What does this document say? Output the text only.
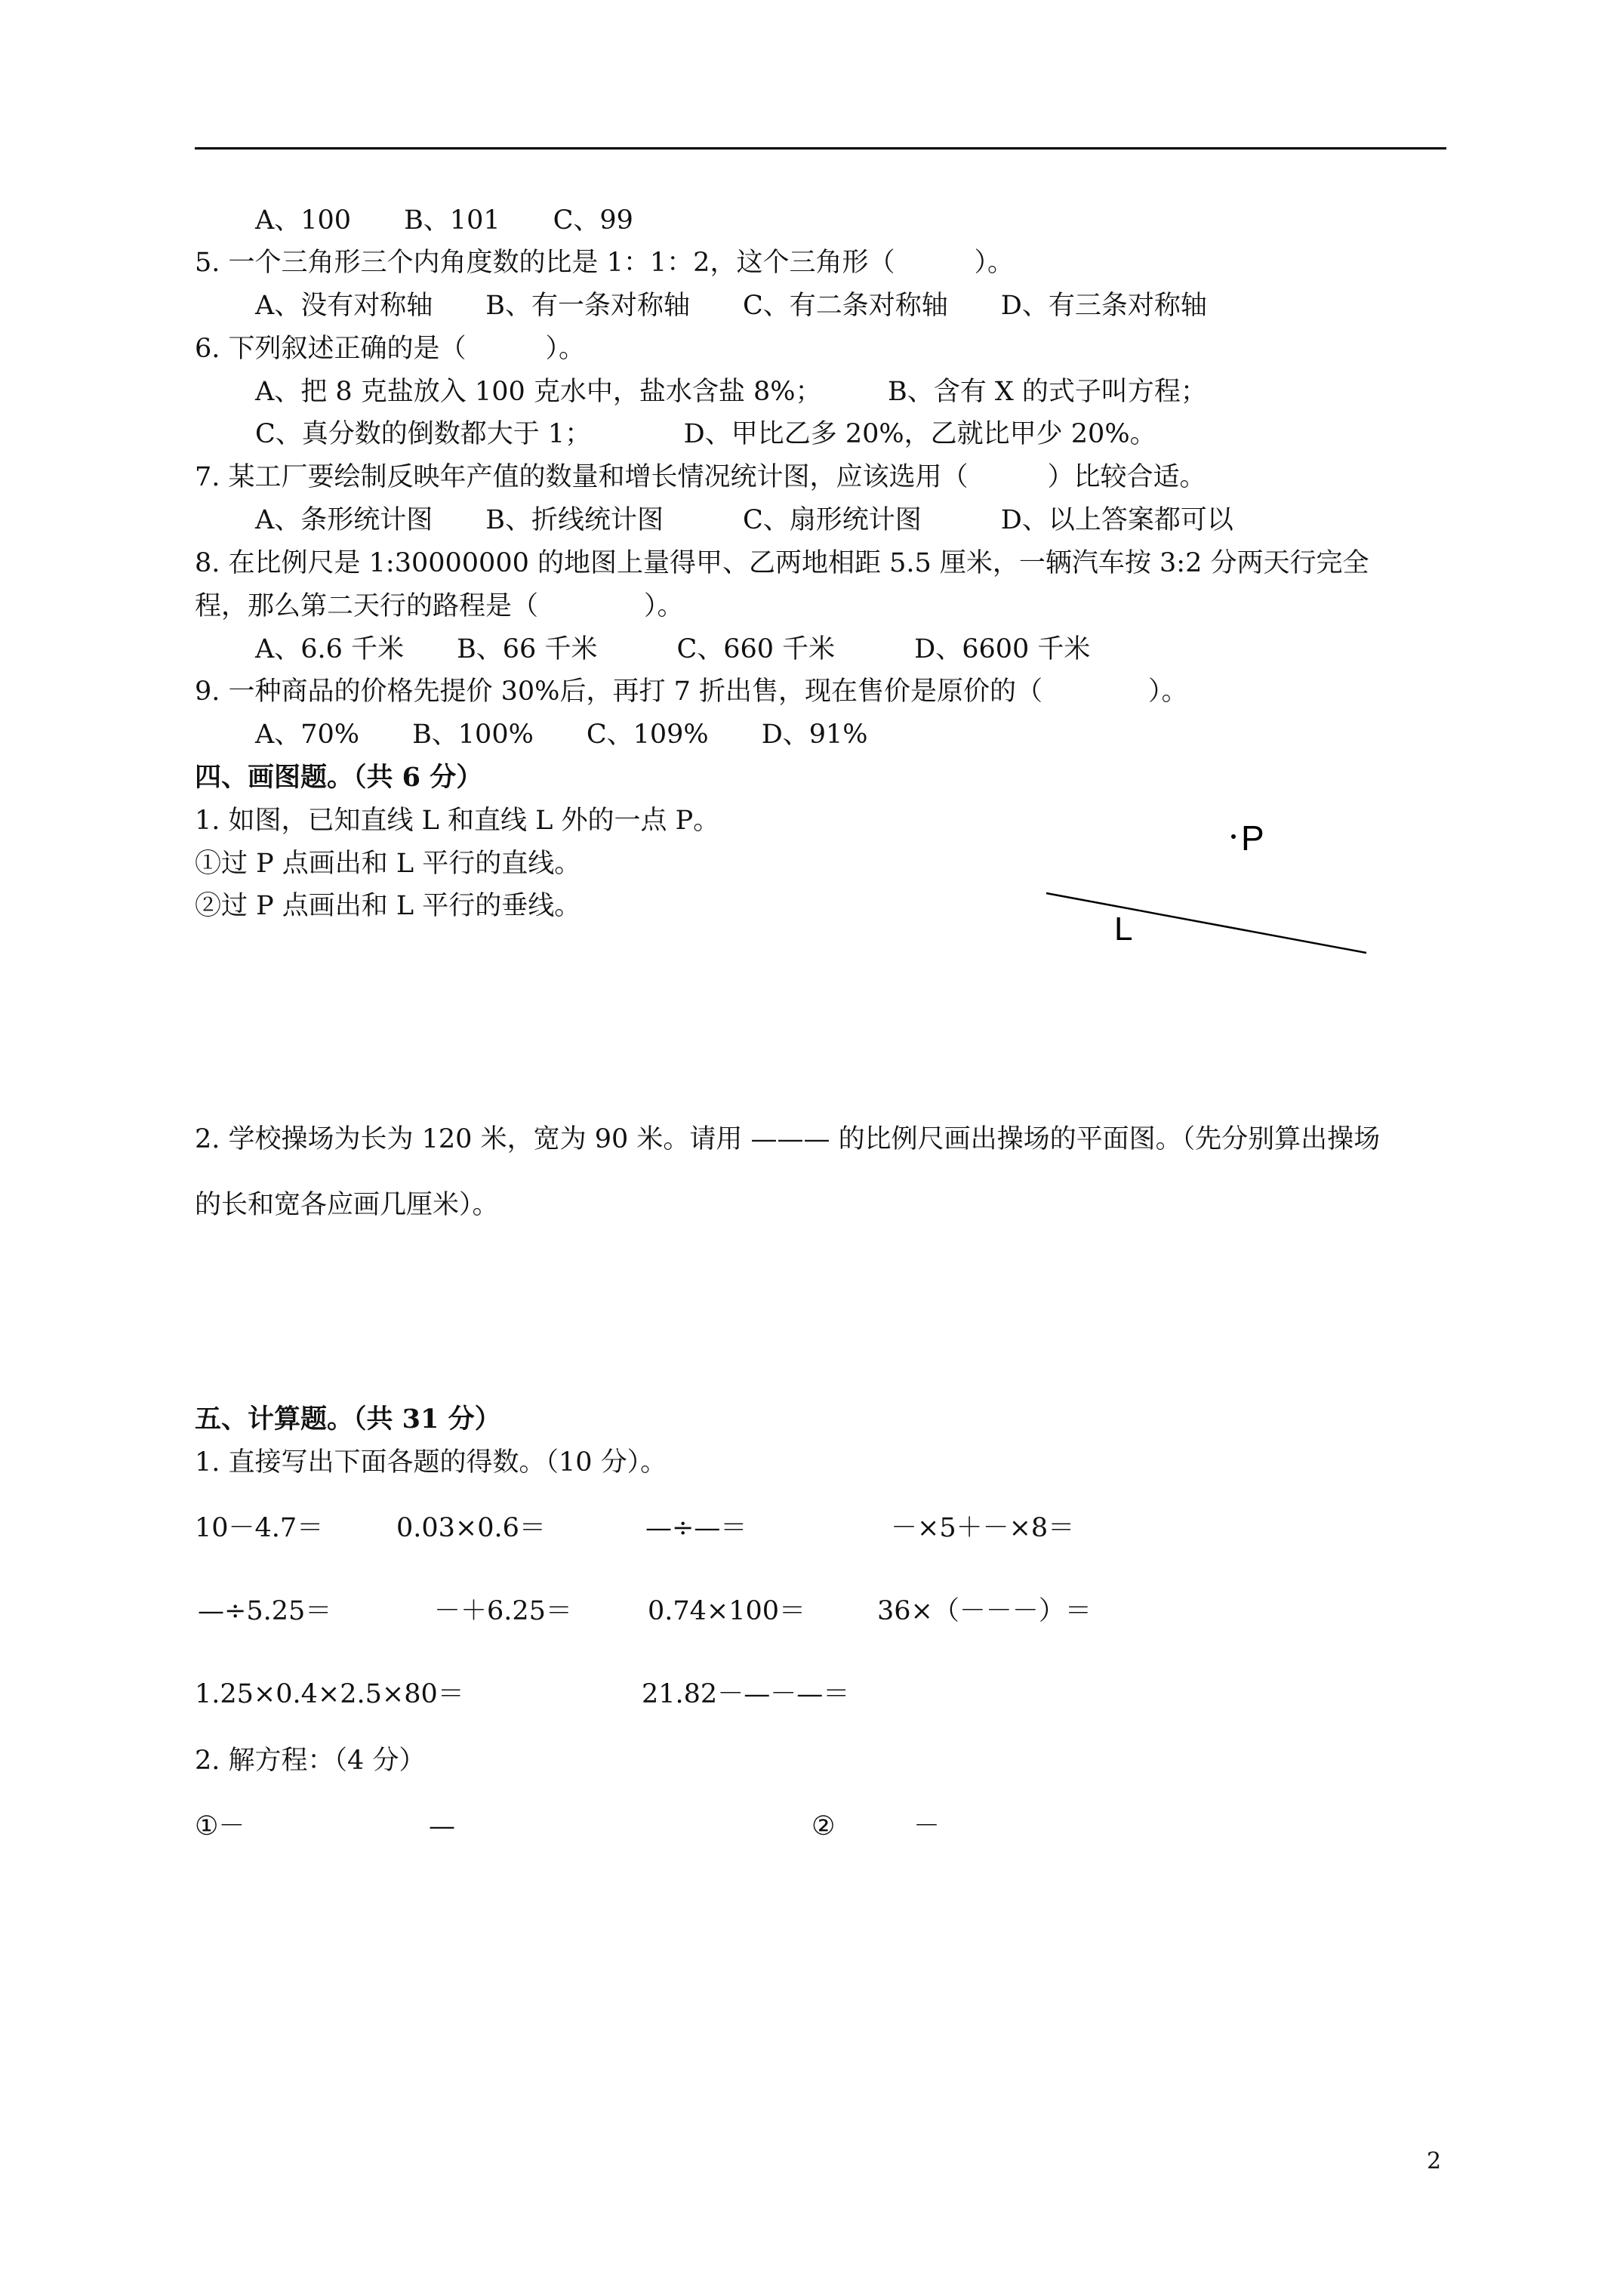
A、100　　B、101　　C、99
5. 一个三角形三个内角度数的比是 1：1：2，这个三角形（　　　）。
A、没有对称轴　　B、有一条对称轴　　C、有二条对称轴　　D、有三条对称轴
6. 下列叙述正确的是（　　　）。
A、把 8 克盐放入 100 克水中，盐水含盐 8%；　　　B、含有 X 的式子叫方程；
C、真分数的倒数都大于 1；　　　　D、甲比乙多 20%，乙就比甲少 20%。
7. 某工厂要绘制反映年产值的数量和增长情况统计图，应该选用（　　　）比较合适。
A、条形统计图　　B、折线统计图　　　C、扇形统计图　　　D、以上答案都可以
8. 在比例尺是 1:30000000 的地图上量得甲、乙两地相距 5.5 厘米，一辆汽车按 3:2 分两天行完全
程，那么第二天行的路程是（　　　　）。
A、6.6 千米　　B、66 千米　　　C、660 千米　　　D、6600 千米
9. 一种商品的价格先提价 30%后，再打 7 折出售，现在售价是原价的（　　　　）。
A、70%　　B、100%　　C、109%　　D、91%
四、画图题。（共 6 分）
1. 如图，已知直线 L 和直线 L 外的一点 P。
①过 P 点画出和 L 平行的直线。
②过 P 点画出和 L 平行的垂线。
P
L
2. 学校操场为长为 120 米，宽为 90 米。请用 ——— 的比例尺画出操场的平面图。（先分别算出操场
的长和宽各应画几厘米）。
五、计算题。（共 31 分）
1. 直接写出下面各题的得数。（10 分）。
10－4.7＝	0.03×0.6＝	—÷—＝	－×5＋－×8＝
—÷5.25＝	－＋6.25＝	0.74×100＝	36×（－－－）＝
1.25×0.4×2.5×80＝	21.82－—－—＝
2. 解方程：（4 分）
①－	—	②	－
2
